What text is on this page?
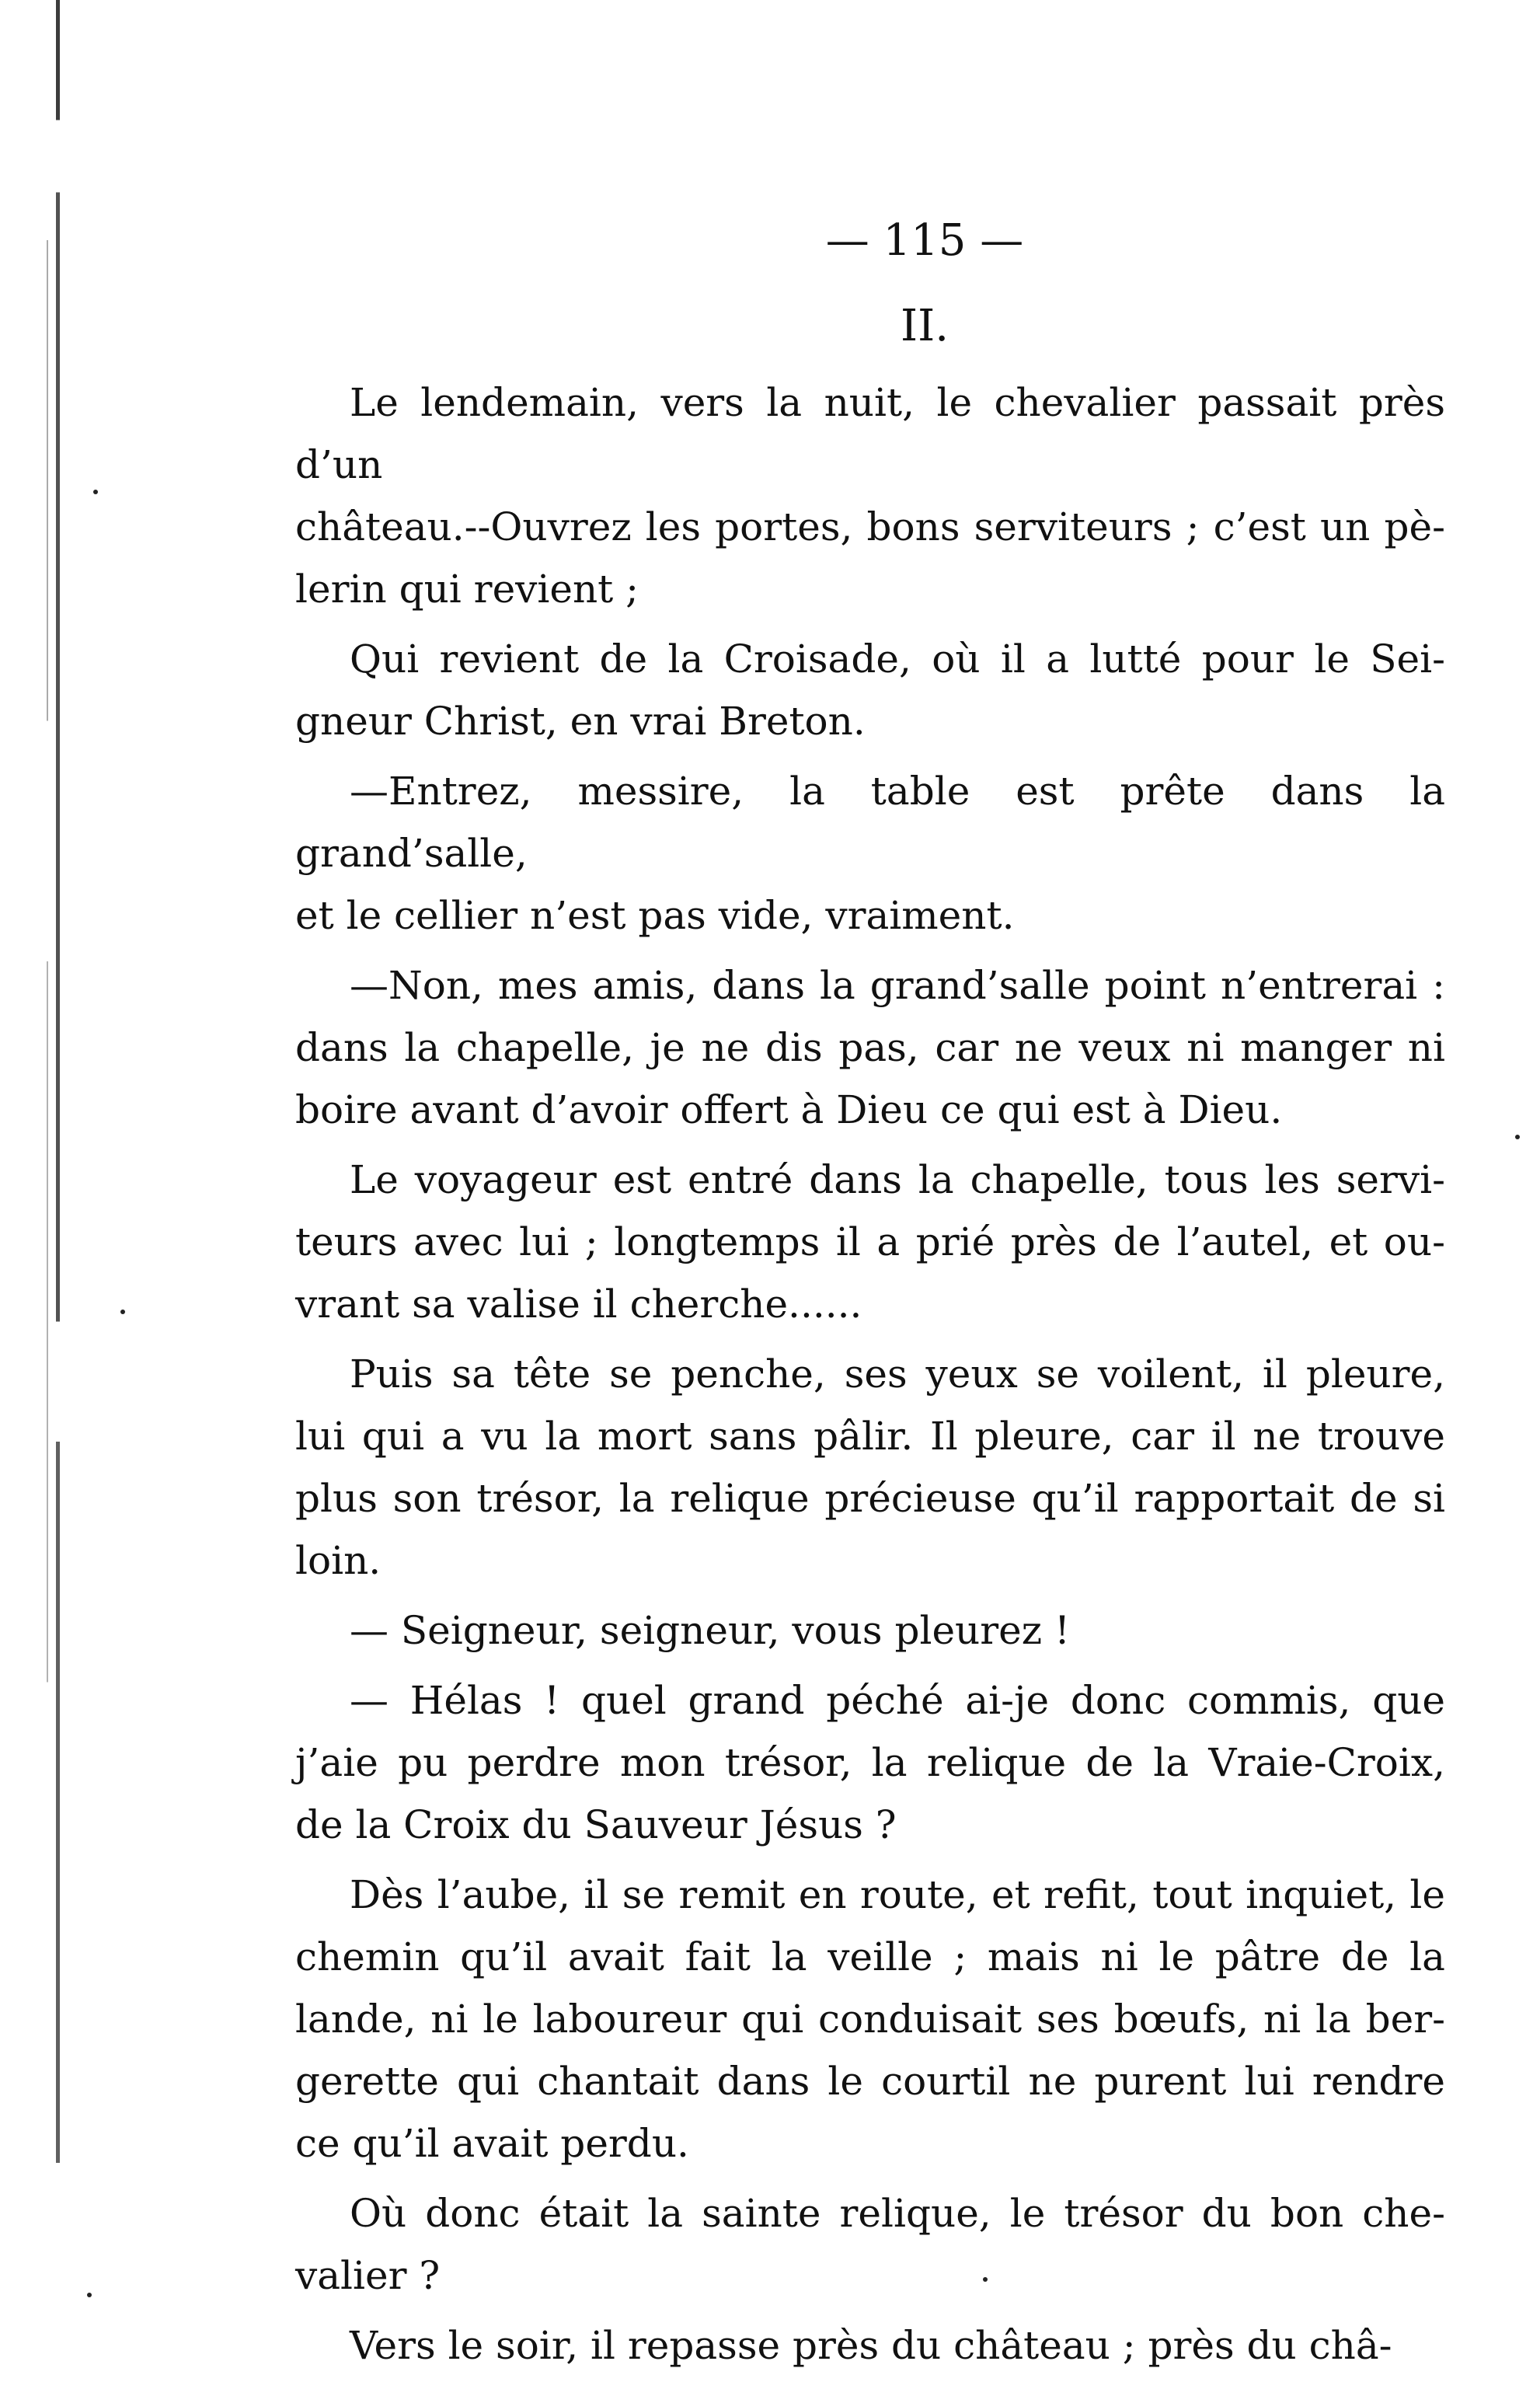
— 115 —
II.
Le lendemain, vers la nuit, le chevalier passait près d’un
château.--Ouvrez les portes, bons serviteurs ; c’est un pè-
lerin qui revient ;
Qui revient de la Croisade, où il a lutté pour le Sei-
gneur Christ, en vrai Breton.
—Entrez, messire, la table est prête dans la grand’salle,
et le cellier n’est pas vide, vraiment.
—Non, mes amis, dans la grand’salle point n’entrerai :
dans la chapelle, je ne dis pas, car ne veux ni manger ni
boire avant d’avoir offert à Dieu ce qui est à Dieu.
Le voyageur est entré dans la chapelle, tous les servi-
teurs avec lui ; longtemps il a prié près de l’autel, et ou-
vrant sa valise il cherche......
Puis sa tête se penche, ses yeux se voilent, il pleure,
lui qui a vu la mort sans pâlir. Il pleure, car il ne trouve
plus son trésor, la relique précieuse qu’il rapportait de si
loin.
— Seigneur, seigneur, vous pleurez !
— Hélas ! quel grand péché ai-je donc commis, que
j’aie pu perdre mon trésor, la relique de la Vraie-Croix,
de la Croix du Sauveur Jésus ?
Dès l’aube, il se remit en route, et refit, tout inquiet, le
chemin qu’il avait fait la veille ; mais ni le pâtre de la
lande, ni le laboureur qui conduisait ses bœufs, ni la ber-
gerette qui chantait dans le courtil ne purent lui rendre
ce qu’il avait perdu.
Où donc était la sainte relique, le trésor du bon che-
valier ?
Vers le soir, il repasse près du château ; près du châ-
